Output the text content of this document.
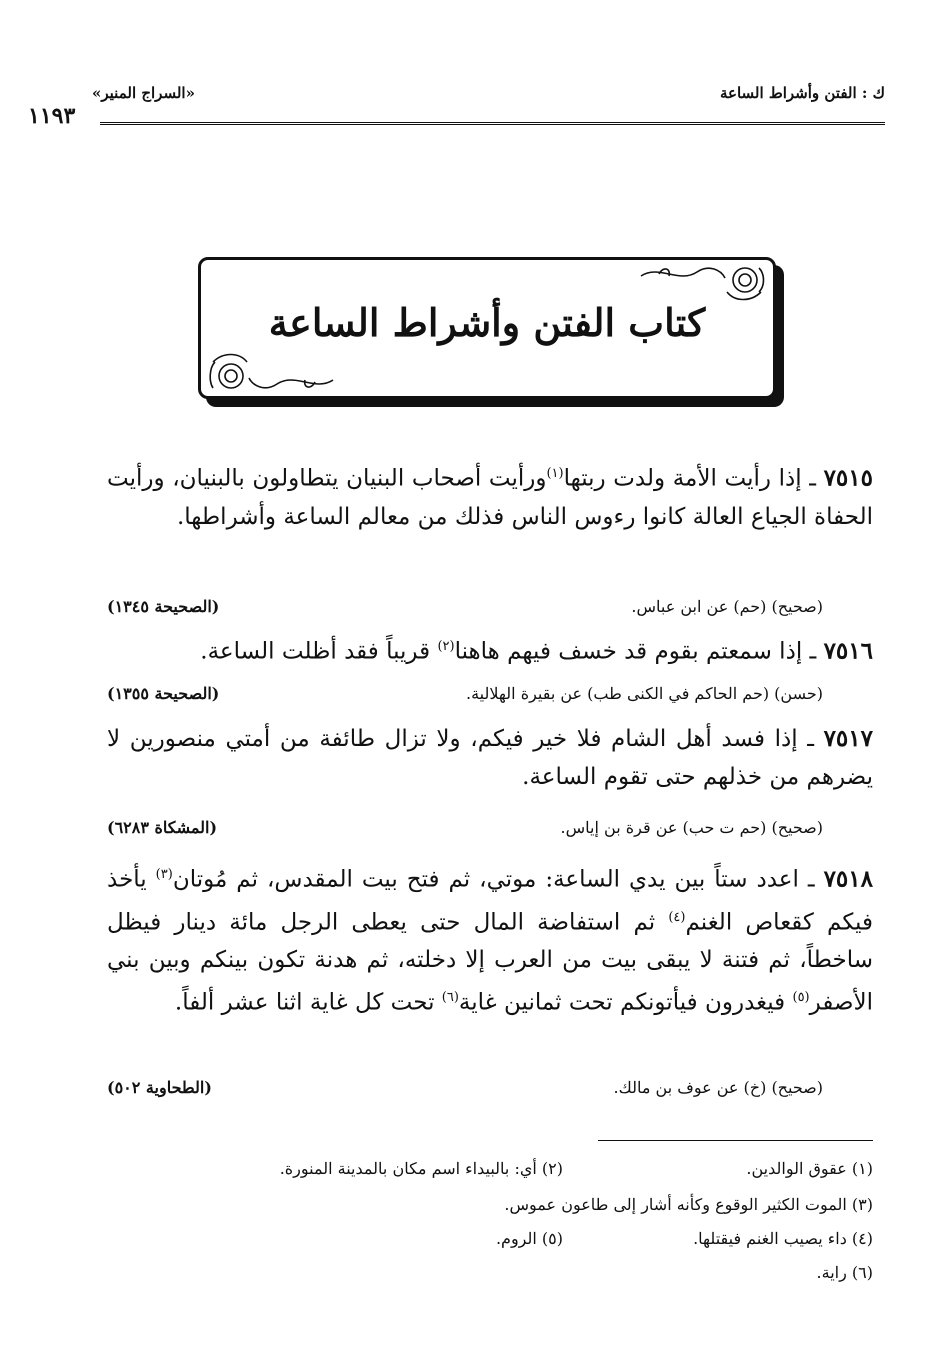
ك : الفتن وأشراط الساعة
«السراج المنير»
١١٩٣
كتاب الفتن وأشراط الساعة
٧٥١٥ ـ إذا رأيت الأمة ولدت ربتها$^{(١)}$ورأيت أصحاب البنيان يتطاولون بالبنيان، ورأيت الحفاة الجياع العالة كانوا رءوس الناس فذلك من معالم الساعة وأشراطها.
(صحيح) (حم) عن ابن عباس.
(الصحيحة ١٣٤٥)
٧٥١٦ ـ إذا سمعتم بقوم قد خسف فيهم هاهنا$^{(٢)}$ قريباً فقد أظلت الساعة.
(حسن) (حم الحاكم في الكنى طب) عن بقيرة الهلالية.
(الصحيحة ١٣٥٥)
٧٥١٧ ـ إذا فسد أهل الشام فلا خير فيكم، ولا تزال طائفة من أمتي منصورين لا يضرهم من خذلهم حتى تقوم الساعة.
(صحيح) (حم ت حب) عن قرة بن إياس.
(المشكاة ٦٢٨٣)
٧٥١٨ ـ اعدد ستاً بين يدي الساعة: موتي، ثم فتح بيت المقدس، ثم مُوتان$^{(٣)}$ يأخذ فيكم كقعاص الغنم$^{(٤)}$ ثم استفاضة المال حتى يعطى الرجل مائة دينار فيظل ساخطاً، ثم فتنة لا يبقى بيت من العرب إلا دخلته، ثم هدنة تكون بينكم وبين بني الأصفر$^{(٥)}$ فيغدرون فيأتونكم تحت ثمانين غاية$^{(٦)}$ تحت كل غاية اثنا عشر ألفاً.
(صحيح) (خ) عن عوف بن مالك.
(الطحاوية ٥٠٢)
(١) عقوق الوالدين.
(٢) أي: بالبيداء اسم مكان بالمدينة المنورة.
(٣) الموت الكثير الوقوع وكأنه أشار إلى طاعون عموس.
(٤) داء يصيب الغنم فيقتلها.
(٥) الروم.
(٦) راية.
